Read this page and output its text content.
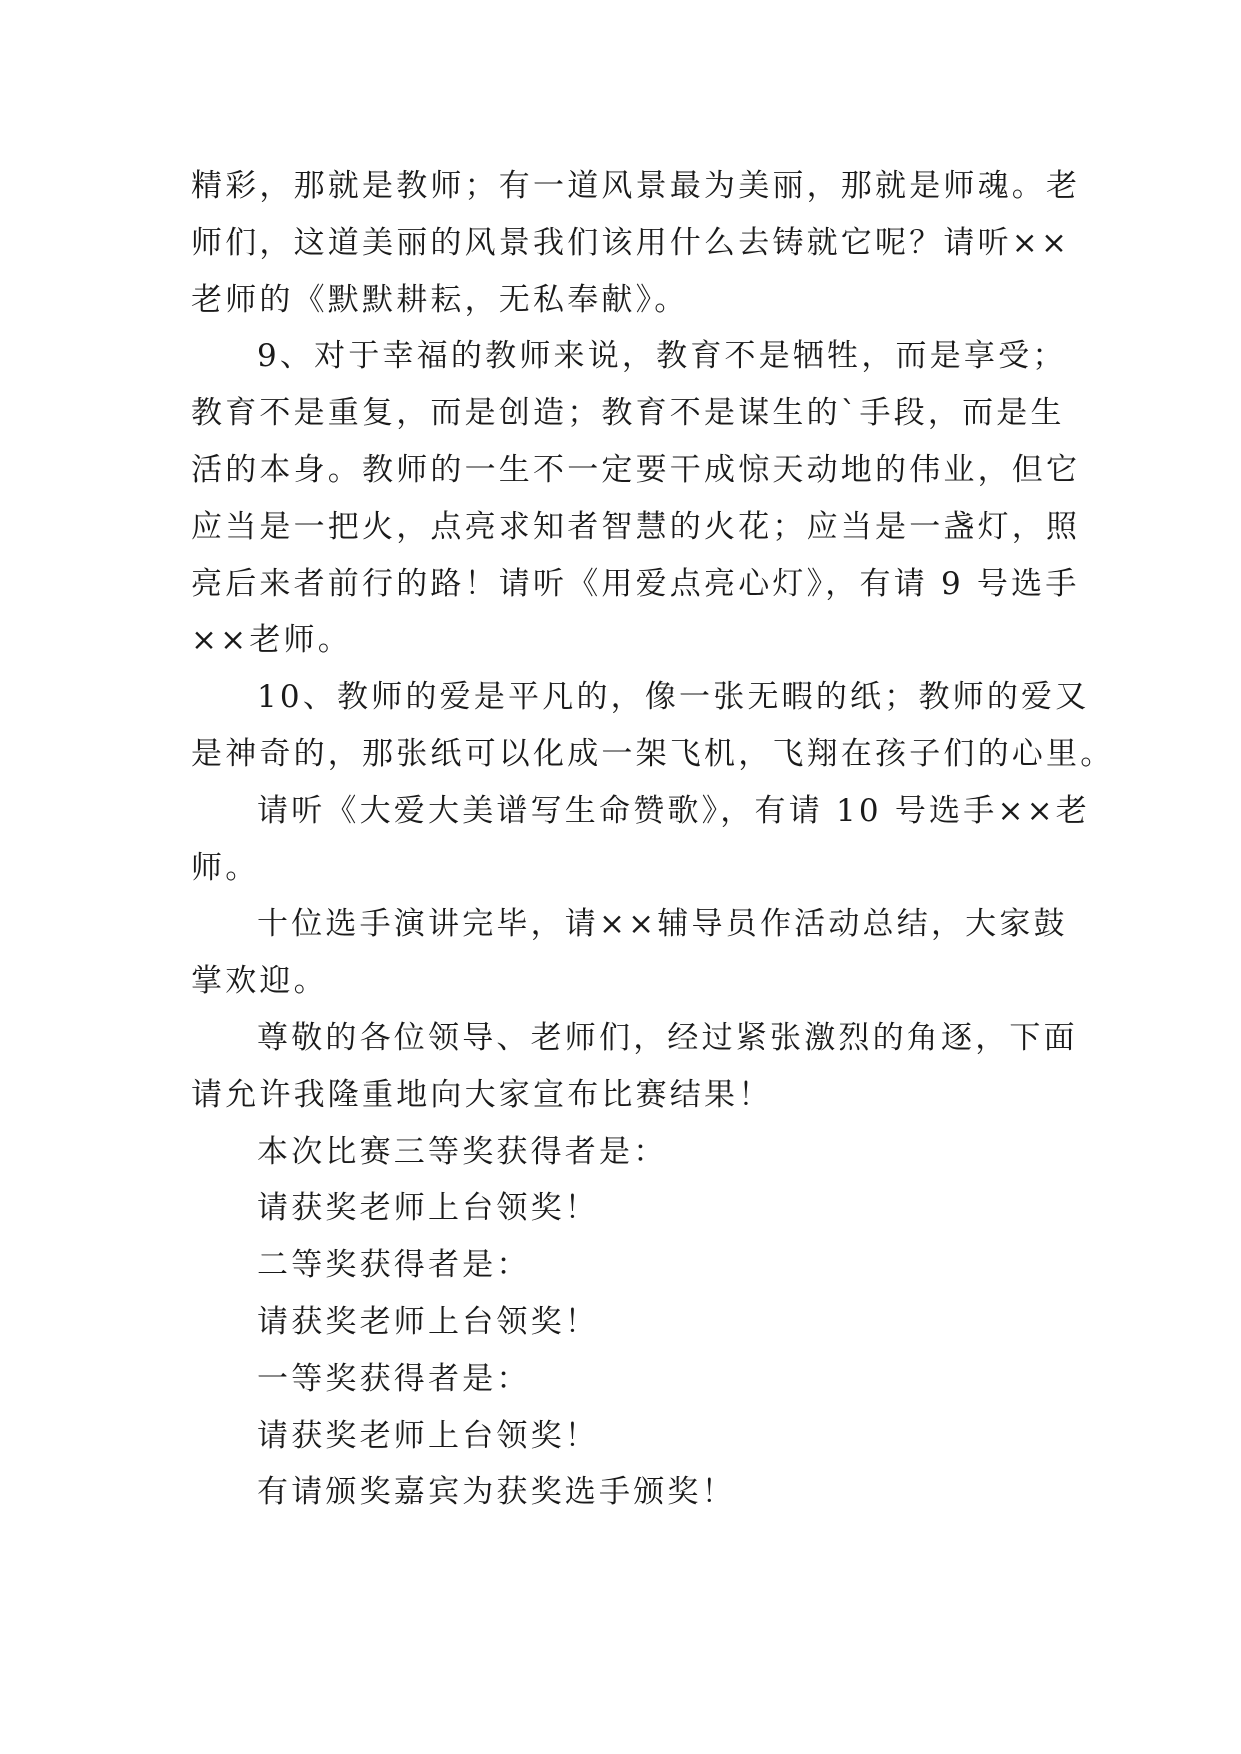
精彩，那就是教师；有一道风景最为美丽，那就是师魂。老
师们，这道美丽的风景我们该用什么去铸就它呢？请听××
老师的《默默耕耘，无私奉献》。
9、对于幸福的教师来说，教育不是牺牲，而是享受；
教育不是重复，而是创造；教育不是谋生的`手段，而是生
活的本身。教师的一生不一定要干成惊天动地的伟业，但它
应当是一把火，点亮求知者智慧的火花；应当是一盏灯，照
亮后来者前行的路！请听《用爱点亮心灯》，有请 9 号选手
××老师。
10、教师的爱是平凡的，像一张无暇的纸；教师的爱又
是神奇的，那张纸可以化成一架飞机，飞翔在孩子们的心里。
请听《大爱大美谱写生命赞歌》，有请 10 号选手××老
师。
十位选手演讲完毕，请××辅导员作活动总结，大家鼓
掌欢迎。
尊敬的各位领导、老师们，经过紧张激烈的角逐，下面
请允许我隆重地向大家宣布比赛结果！
本次比赛三等奖获得者是：
请获奖老师上台领奖！
二等奖获得者是：
请获奖老师上台领奖！
一等奖获得者是：
请获奖老师上台领奖！
有请颁奖嘉宾为获奖选手颁奖！
